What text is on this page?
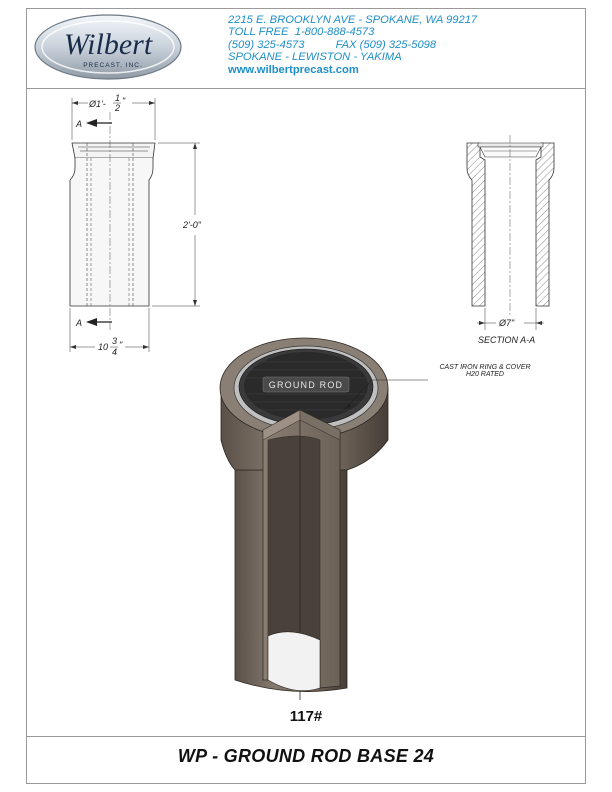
Wilbert
PRECAST, INC.
2215 E. BROOKLYN AVE - SPOKANE, WA 99217
TOLL FREE  1-800-888-4573
(509) 325-4573          FAX (509) 325-5098
SPOKANE - LEWISTON - YAKIMA
www.wilbertprecast.com
A
A
Ø1'-
1
2
"
2'-0"
10
3
4
"
Ø7"
SECTION A-A
GROUND ROD
CAST IRON RING & COVER
H20 RATED
117#
WP - GROUND ROD BASE 24
